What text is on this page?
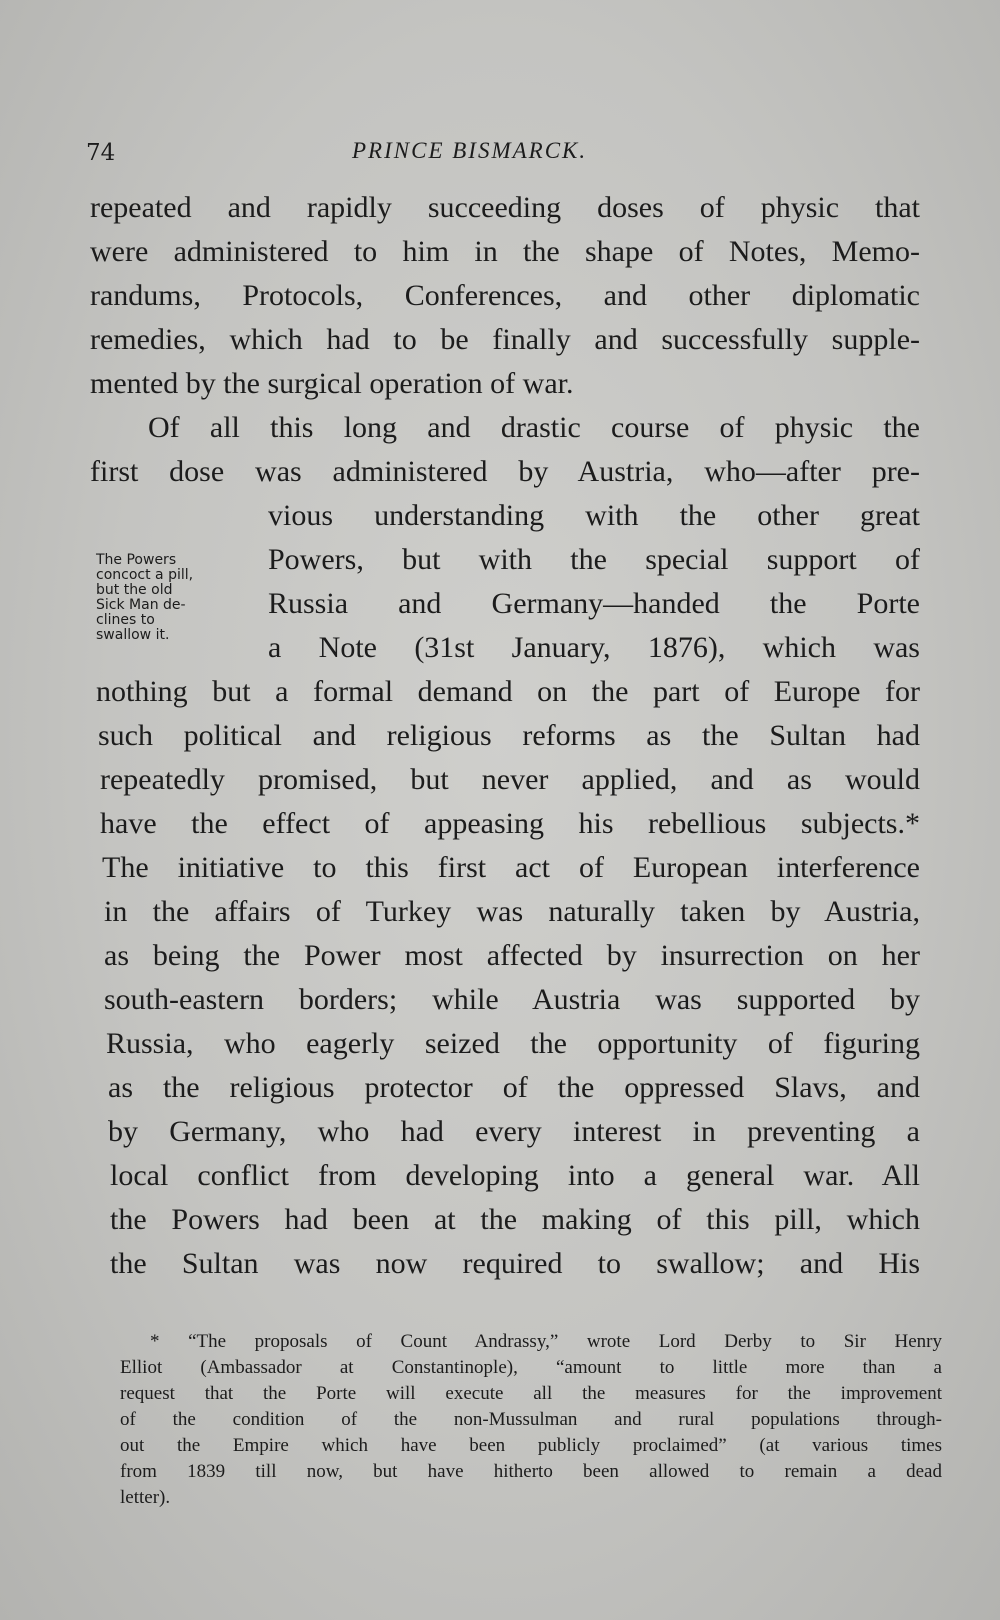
74	PRINCE BISMARCK.
repeated and rapidly succeeding doses of physic that
were administered to him in the shape of Notes, Memo-
randums, Protocols, Conferences, and other diplomatic
remedies, which had to be finally and successfully supple-
mented by the surgical operation of war.
Of all this long and drastic course of physic the
first dose was administered by Austria, who—after pre-
vious understanding with the other great
Powers, but with the special support of
Russia and Germany—handed the Porte
a Note (31st January, 1876), which was
nothing but a formal demand on the part of Europe for
such political and religious reforms as the Sultan had
repeatedly promised, but never applied, and as would
have the effect of appeasing his rebellious subjects.*
The initiative to this first act of European interference
in the affairs of Turkey was naturally taken by Austria,
as being the Power most affected by insurrection on her
south-eastern borders; while Austria was supported by
Russia, who eagerly seized the opportunity of figuring
as the religious protector of the oppressed Slavs, and
by Germany, who had every interest in preventing a
local conflict from developing into a general war. All
the Powers had been at the making of this pill, which
the Sultan was now required to swallow; and His
The Powers
concoct a pill,
but the old
Sick Man de-
clines to
swallow it.
* “The proposals of Count Andrassy,” wrote Lord Derby to Sir Henry
Elliot (Ambassador at Constantinople), “amount to little more than a
request that the Porte will execute all the measures for the improvement
of the condition of the non-Mussulman and rural populations through-
out the Empire which have been publicly proclaimed” (at various times
from 1839 till now, but have hitherto been allowed to remain a dead
letter).
